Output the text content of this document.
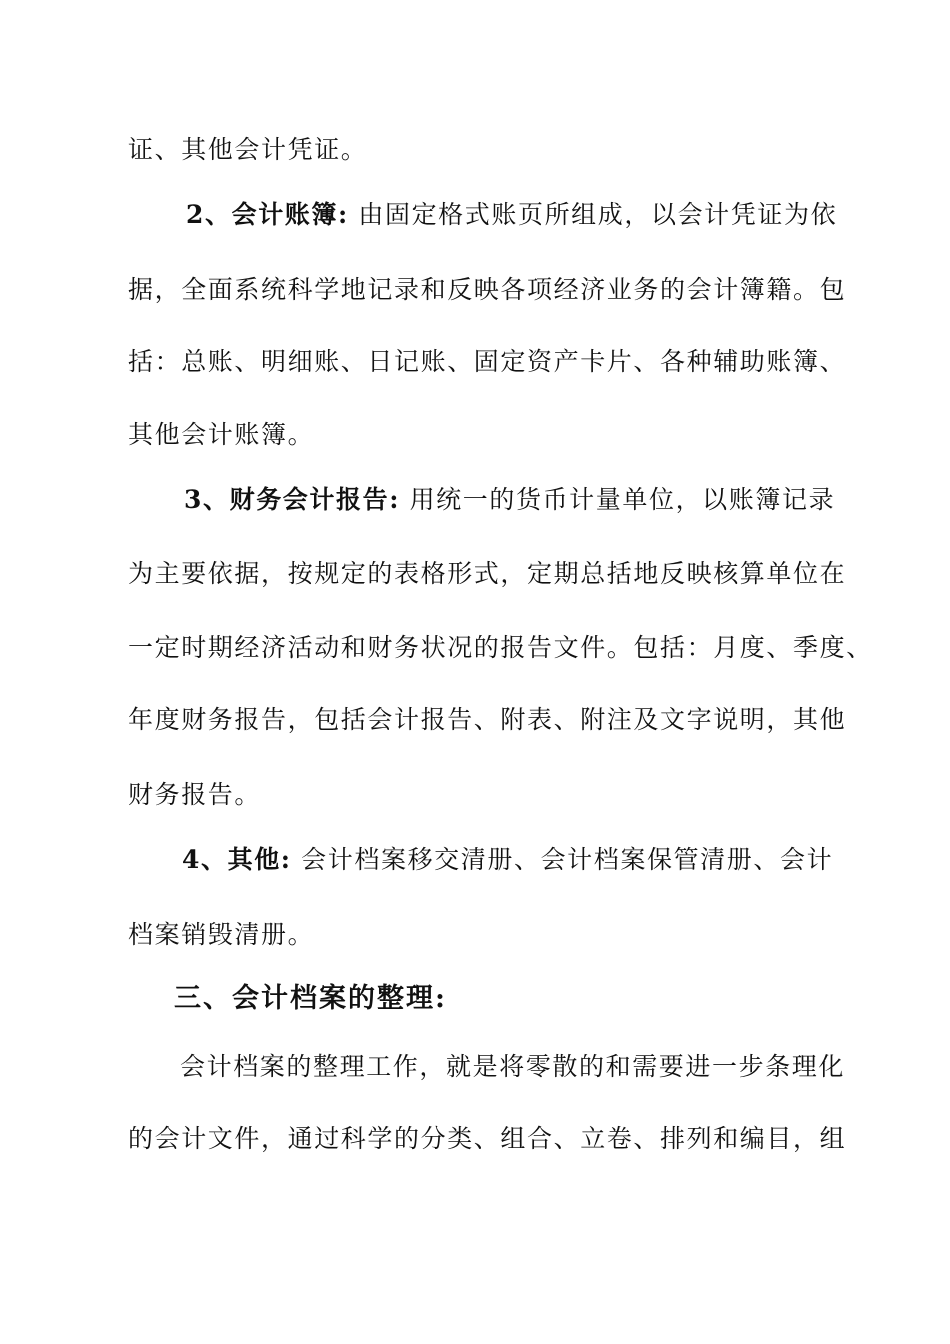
证、其他会计凭证。
2、会计账簿: 由固定格式账页所组成，以会计凭证为依
据，全面系统科学地记录和反映各项经济业务的会计簿籍。包
括：总账、明细账、日记账、固定资产卡片、各种辅助账簿、
其他会计账簿。
3、财务会计报告: 用统一的货币计量单位，以账簿记录
为主要依据，按规定的表格形式，定期总括地反映核算单位在
一定时期经济活动和财务状况的报告文件。包括：月度、季度、
年度财务报告，包括会计报告、附表、附注及文字说明，其他
财务报告。
4、其他: 会计档案移交清册、会计档案保管清册、会计
档案销毁清册。
三、会计档案的整理:
会计档案的整理工作，就是将零散的和需要进一步条理化
的会计文件，通过科学的分类、组合、立卷、排列和编目，组
